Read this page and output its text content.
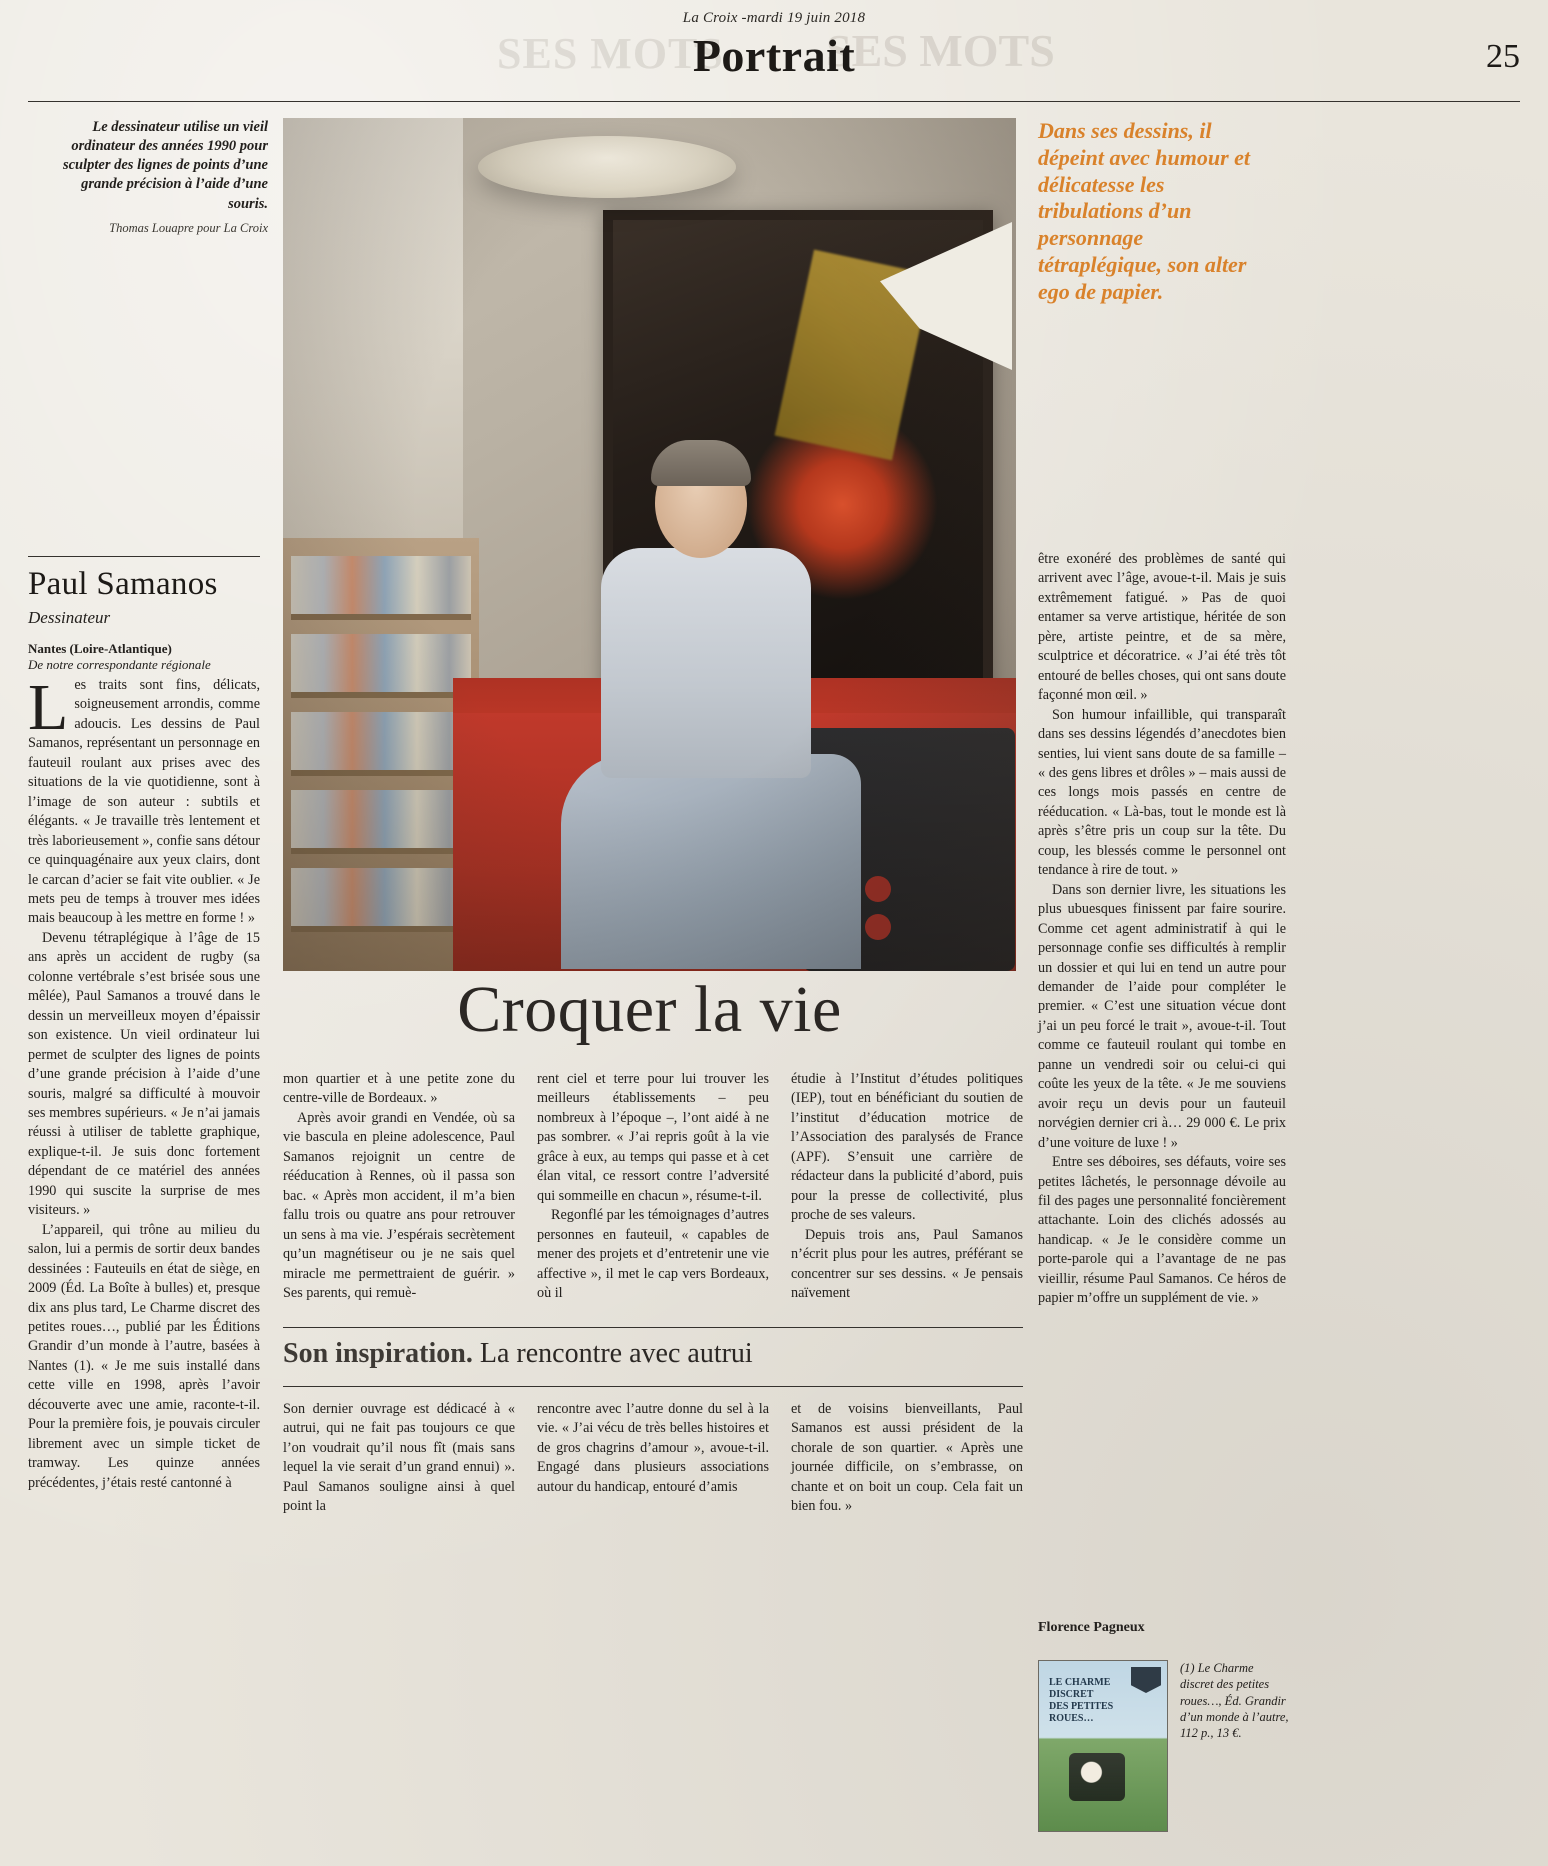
SES MOTS SES MOTS
La Croix -mardi 19 juin 2018
Portrait	25
Le dessinateur utilise un vieil ordinateur des années 1990 pour sculpter des lignes de points d’une grande précision à l’aide d’une souris.
Thomas Louapre pour La Croix
Dans ses dessins, il dépeint avec humour et délicatesse les tribulations d’un personnage tétraplégique, son alter ego de papier.

Paul Samanos
Dessinateur
Nantes (Loire-Atlantique)
De notre correspondante régionale

Les traits sont fins, délicats, soigneusement arrondis, comme adoucis. Les dessins de Paul Samanos, représentant un personnage en fauteuil roulant aux prises avec des situations de la vie quotidienne, sont à l’image de son auteur : subtils et élégants. « Je travaille très lentement et très laborieusement », confie sans détour ce quinquagénaire aux yeux clairs, dont le carcan d’acier se fait vite oublier. « Je mets peu de temps à trouver mes idées mais beaucoup à les mettre en forme ! »

Devenu tétraplégique à l’âge de 15 ans après un accident de rugby (sa colonne vertébrale s’est brisée sous une mêlée), Paul Samanos a trouvé dans le dessin un merveilleux moyen d’épaissir son existence. Un vieil ordinateur lui permet de sculpter des lignes de points d’une grande précision à l’aide d’une souris, malgré sa difficulté à mouvoir ses membres supérieurs. « Je n’ai jamais réussi à utiliser de tablette graphique, explique-t-il. Je suis donc fortement dépendant de ce matériel des années 1990 qui suscite la surprise de mes visiteurs. »

L’appareil, qui trône au milieu du salon, lui a permis de sortir deux bandes dessinées : Fauteuils en état de siège, en 2009 (Éd. La Boîte à bulles) et, presque dix ans plus tard, Le Charme discret des petites roues…, publié par les Éditions Grandir d’un monde à l’autre, basées à Nantes (1). « Je me suis installé dans cette ville en 1998, après l’avoir découverte avec une amie, raconte-t-il. Pour la première fois, je pouvais circuler librement avec un simple ticket de tramway. Les quinze années précédentes, j’étais resté cantonné à

être exonéré des problèmes de santé qui arrivent avec l’âge, avoue-t-il. Mais je suis extrêmement fatigué. » Pas de quoi entamer sa verve artistique, héritée de son père, artiste peintre, et de sa mère, sculptrice et décoratrice. « J’ai été très tôt entouré de belles choses, qui ont sans doute façonné mon œil. »

Son humour infaillible, qui transparaît dans ses dessins légendés d’anecdotes bien senties, lui vient sans doute de sa famille – « des gens libres et drôles » – mais aussi de ces longs mois passés en centre de rééducation. « Là-bas, tout le monde est là après s’être pris un coup sur la tête. Du coup, les blessés comme le personnel ont tendance à rire de tout. »

Dans son dernier livre, les situations les plus ubuesques finissent par faire sourire. Comme cet agent administratif à qui le personnage confie ses difficultés à remplir un dossier et qui lui en tend un autre pour demander de l’aide pour compléter le premier. « C’est une situation vécue dont j’ai un peu forcé le trait », avoue-t-il. Tout comme ce fauteuil roulant qui tombe en panne un vendredi soir ou celui-ci qui coûte les yeux de la tête. « Je me souviens avoir reçu un devis pour un fauteuil norvégien dernier cri à… 29 000 €. Le prix d’une voiture de luxe ! »

Entre ses déboires, ses défauts, voire ses petites lâchetés, le personnage dévoile au fil des pages une personnalité foncièrement attachante. Loin des clichés adossés au handicap. « Je le considère comme un porte-parole qui a l’avantage de ne pas vieillir, résume Paul Samanos. Ce héros de papier m’offre un supplément de vie. »

Croquer la vie

mon quartier et à une petite zone du centre-ville de Bordeaux. »

Après avoir grandi en Vendée, où sa vie bascula en pleine adolescence, Paul Samanos rejoignit un centre de rééducation à Rennes, où il passa son bac. « Après mon accident, il m’a bien fallu trois ou quatre ans pour retrouver un sens à ma vie. J’espérais secrètement qu’un magnétiseur ou je ne sais quel miracle me permettraient de guérir. » Ses parents, qui remuè-

rent ciel et terre pour lui trouver les meilleurs établissements – peu nombreux à l’époque –, l’ont aidé à ne pas sombrer. « J’ai repris goût à la vie grâce à eux, au temps qui passe et à cet élan vital, ce ressort contre l’adversité qui sommeille en chacun », résume-t-il.

Regonflé par les témoignages d’autres personnes en fauteuil, « capables de mener des projets et d’entretenir une vie affective », il met le cap vers Bordeaux, où il

étudie à l’Institut d’études politiques (IEP), tout en bénéficiant du soutien de l’institut d’éducation motrice de l’Association des paralysés de France (APF). S’ensuit une carrière de rédacteur dans la publicité d’abord, puis pour la presse de collectivité, plus proche de ses valeurs.

Depuis trois ans, Paul Samanos n’écrit plus pour les autres, préférant se concentrer sur ses dessins. « Je pensais naïvement

Son inspiration. La rencontre avec autrui

Son dernier ouvrage est dédicacé à « autrui, qui ne fait pas toujours ce que l’on voudrait qu’il nous fît (mais sans lequel la vie serait d’un grand ennui) ». Paul Samanos souligne ainsi à quel point la

rencontre avec l’autre donne du sel à la vie. « J’ai vécu de très belles histoires et de gros chagrins d’amour », avoue-t-il. Engagé dans plusieurs associations autour du handicap, entouré d’amis

et de voisins bienveillants, Paul Samanos est aussi président de la chorale de son quartier. « Après une journée difficile, on s’embrasse, on chante et on boit un coup. Cela fait un bien fou. »

Florence Pagneux
LE CHARME DISCRET
DES PETITES ROUES…
(1) Le Charme discret des petites roues…, Éd. Grandir d’un monde à l’autre, 112 p., 13 €.
